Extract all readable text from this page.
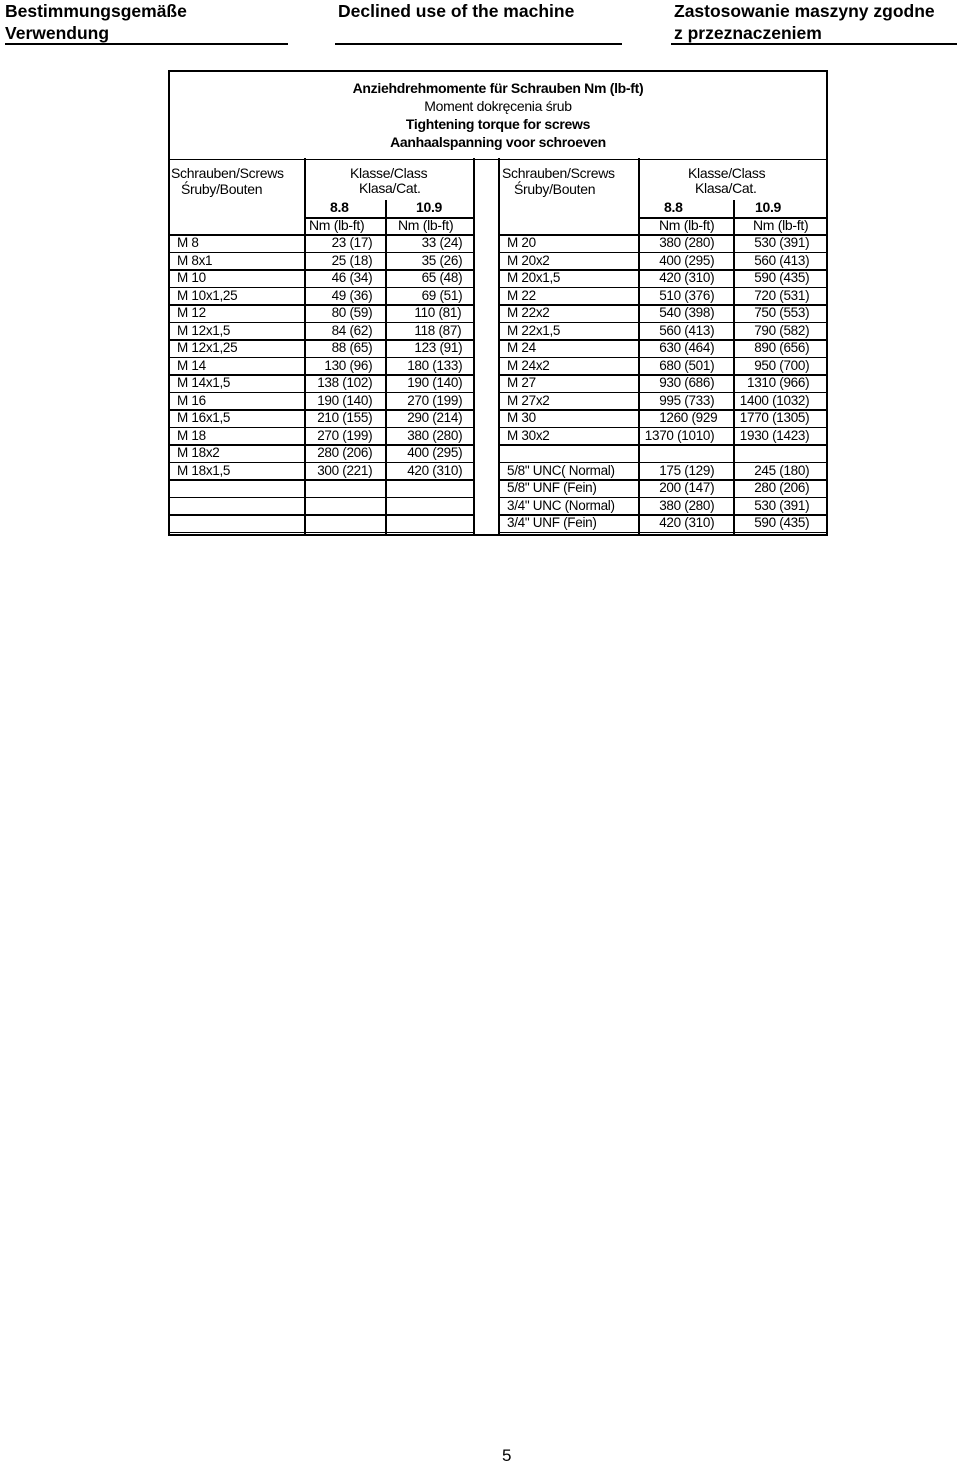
Bestimmungsgemäße
Verwendung
Declined use of the machine	Zastosowanie maszyny zgodne
z przeznaczeniem
Anziehdrehmomente für Schrauben Nm (lb-ft)
Moment dokręcenia śrub
Tightening torque for screws
Aanhaalspanning voor schroeven
Schrauben/Screws
Śruby/Bouten
Klasse/Class
Klasa/Cat.
8.8	10.9
Nm (lb-ft) Nm (lb-ft)
Schrauben/Screws
Śruby/Bouten
Klasse/Class
Klasa/Cat.
8.8	10.9
Nm (lb-ft)	Nm (lb-ft)
M 8	23 (17)	33 (24)
M 8x1	25 (18)	35 (26)
M 10	46 (34)	65 (48)
M 10x1,25	49 (36)	69 (51)
M 12	80 (59)	110 (81)
M 12x1,5	84 (62)	118 (87)
M 12x1,25	88 (65)	123 (91)
M 14	130 (96)	180 (133)
M 14x1,5	138 (102)	190 (140)
M 16	190 (140)	270 (199)
M 16x1,5	210 (155)	290 (214)
M 18	270 (199)	380 (280)
M 18x2	280 (206)	400 (295)
M 18x1,5	300 (221)	420 (310)
M 20	380 (280)	530 (391)
M 20x2	400 (295)	560 (413)
M 20x1,5	420 (310)	590 (435)
M 22	510 (376)	720 (531)
M 22x2	540 (398)	750 (553)
M 22x1,5	560 (413)	790 (582)
M 24	630 (464)	890 (656)
M 24x2	680 (501)	950 (700)
M 27	930 (686) 1310 (966)
M 27x2	995 (733) 1400 (1032)
M 30	1260 (929 1770 (1305)
M 30x2	1370 (1010) 1930 (1423)
5/8" UNC( Normal)	175 (129)	245 (180)
5/8" UNF (Fein)	200 (147)	280 (206)
3/4" UNC (Normal)	380 (280)	530 (391)
3/4" UNF (Fein)	420 (310)	590 (435)
5
